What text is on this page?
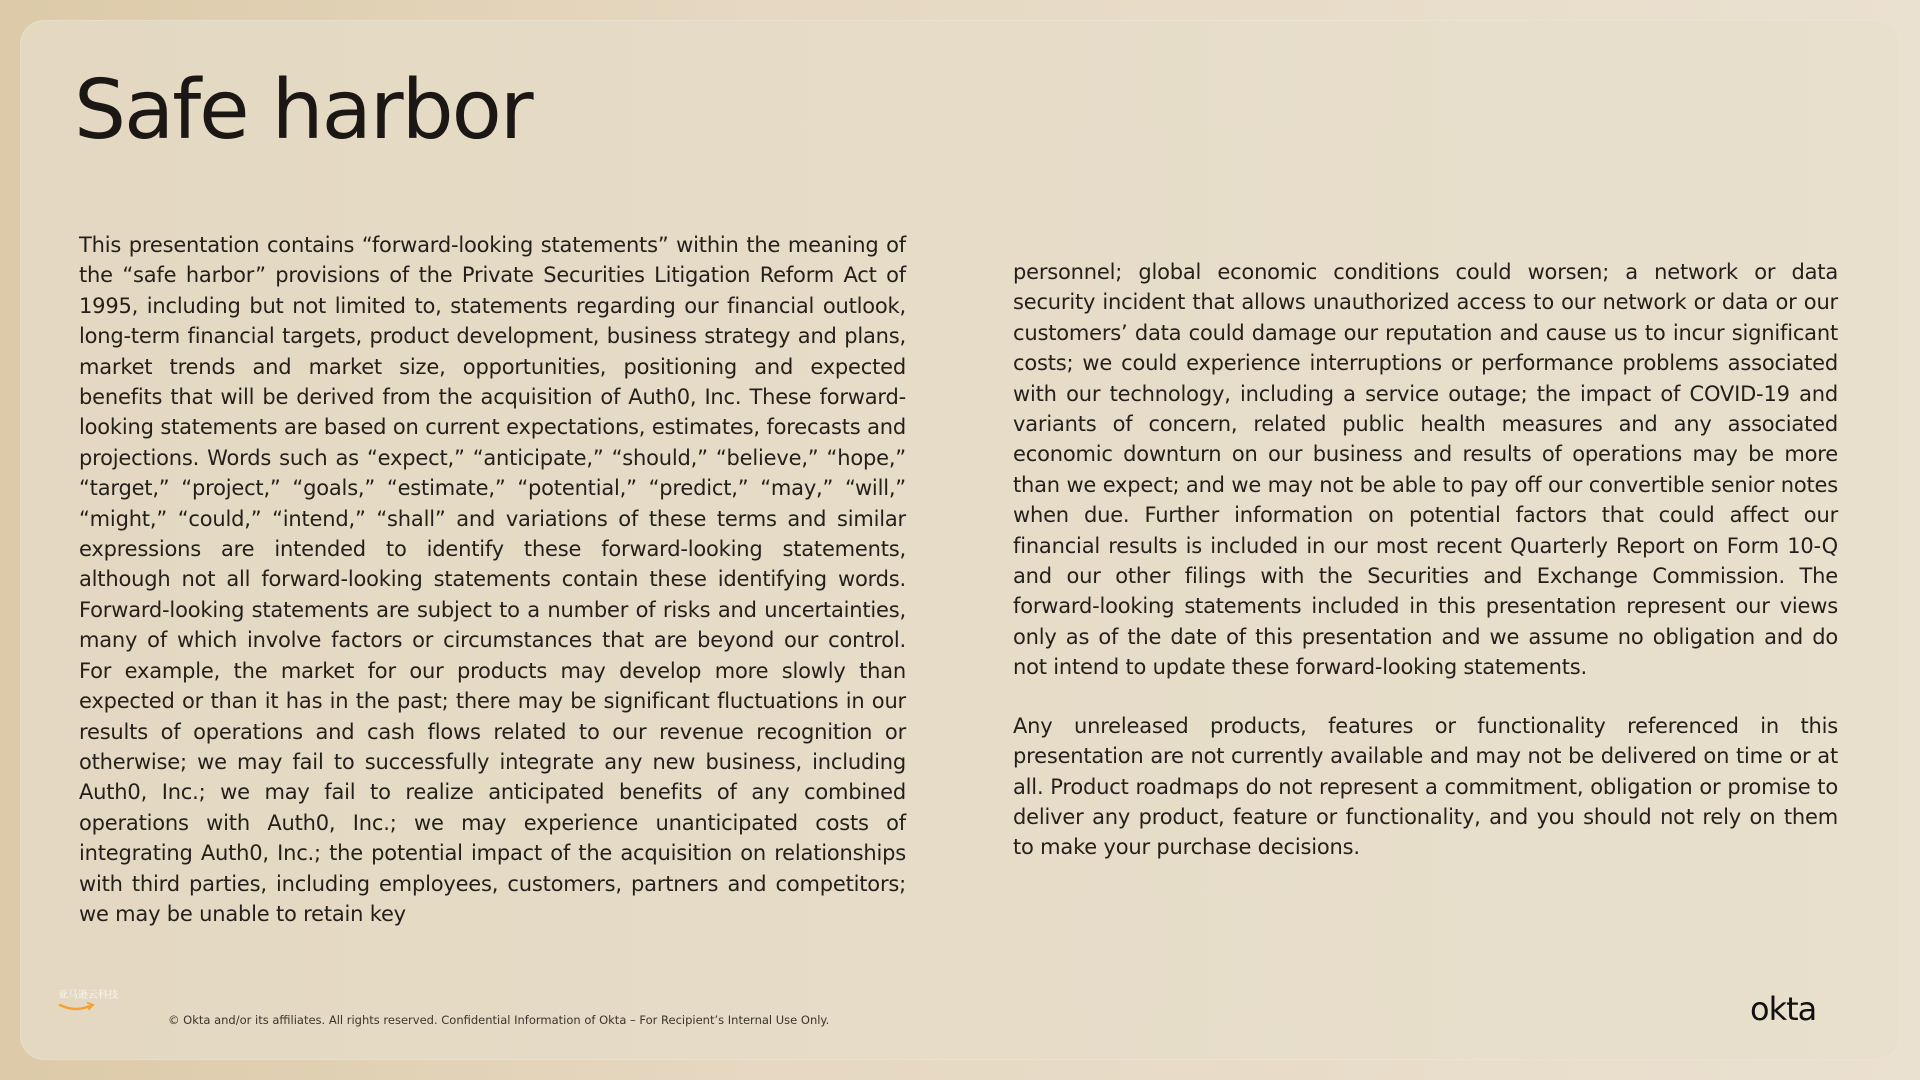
Safe harbor

This presentation contains “forward-looking statements” within the meaning of the “safe harbor” provisions of the Private Securities Litigation Reform Act of 1995, including but not limited to, statements regarding our financial outlook, long-term financial targets, product development, business strategy and plans, market trends and market size, opportunities, positioning and expected benefits that will be derived from the acquisition of Auth0, Inc. These forward-looking statements are based on current expectations, estimates, forecasts and projections. Words such as “expect,” “anticipate,” “should,” “believe,” “hope,” “target,” “project,” “goals,” “estimate,” “potential,” “predict,” “may,” “will,” “might,” “could,” “intend,” “shall” and variations of these terms and similar expressions are intended to identify these forward-looking statements, although not all forward-looking statements contain these identifying words. Forward-looking statements are subject to a number of risks and uncertainties, many of which involve factors or circumstances that are beyond our control. For example, the market for our products may develop more slowly than expected or than it has in the past; there may be significant fluctuations in our results of operations and cash flows related to our revenue recognition or otherwise; we may fail to successfully integrate any new business, including Auth0, Inc.; we may fail to realize anticipated benefits of any combined operations with Auth0, Inc.; we may experience unanticipated costs of integrating Auth0, Inc.; the potential impact of the acquisition on relationships with third parties, including employees, customers, partners and competitors; we may be unable to retain key

personnel; global economic conditions could worsen; a network or data security incident that allows unauthorized access to our network or data or our customers’ data could damage our reputation and cause us to incur significant costs; we could experience interruptions or performance problems associated with our technology, including a service outage; the impact of COVID-19 and variants of concern, related public health measures and any associated economic downturn on our business and results of operations may be more than we expect; and we may not be able to pay off our convertible senior notes when due. Further information on potential factors that could affect our financial results is included in our most recent Quarterly Report on Form 10-Q and our other filings with the Securities and Exchange Commission. The forward-looking statements included in this presentation represent our views only as of the date of this presentation and we assume no obligation and do not intend to update these forward-looking statements.

Any unreleased products, features or functionality referenced in this presentation are not currently available and may not be delivered on time or at all. Product roadmaps do not represent a commitment, obligation or promise to deliver any product, feature or functionality, and you should not rely on them to make your purchase decisions.

亚马逊云科技
© Okta and/or its affiliates. All rights reserved. Confidential Information of Okta – For Recipient’s Internal Use Only.	okta
